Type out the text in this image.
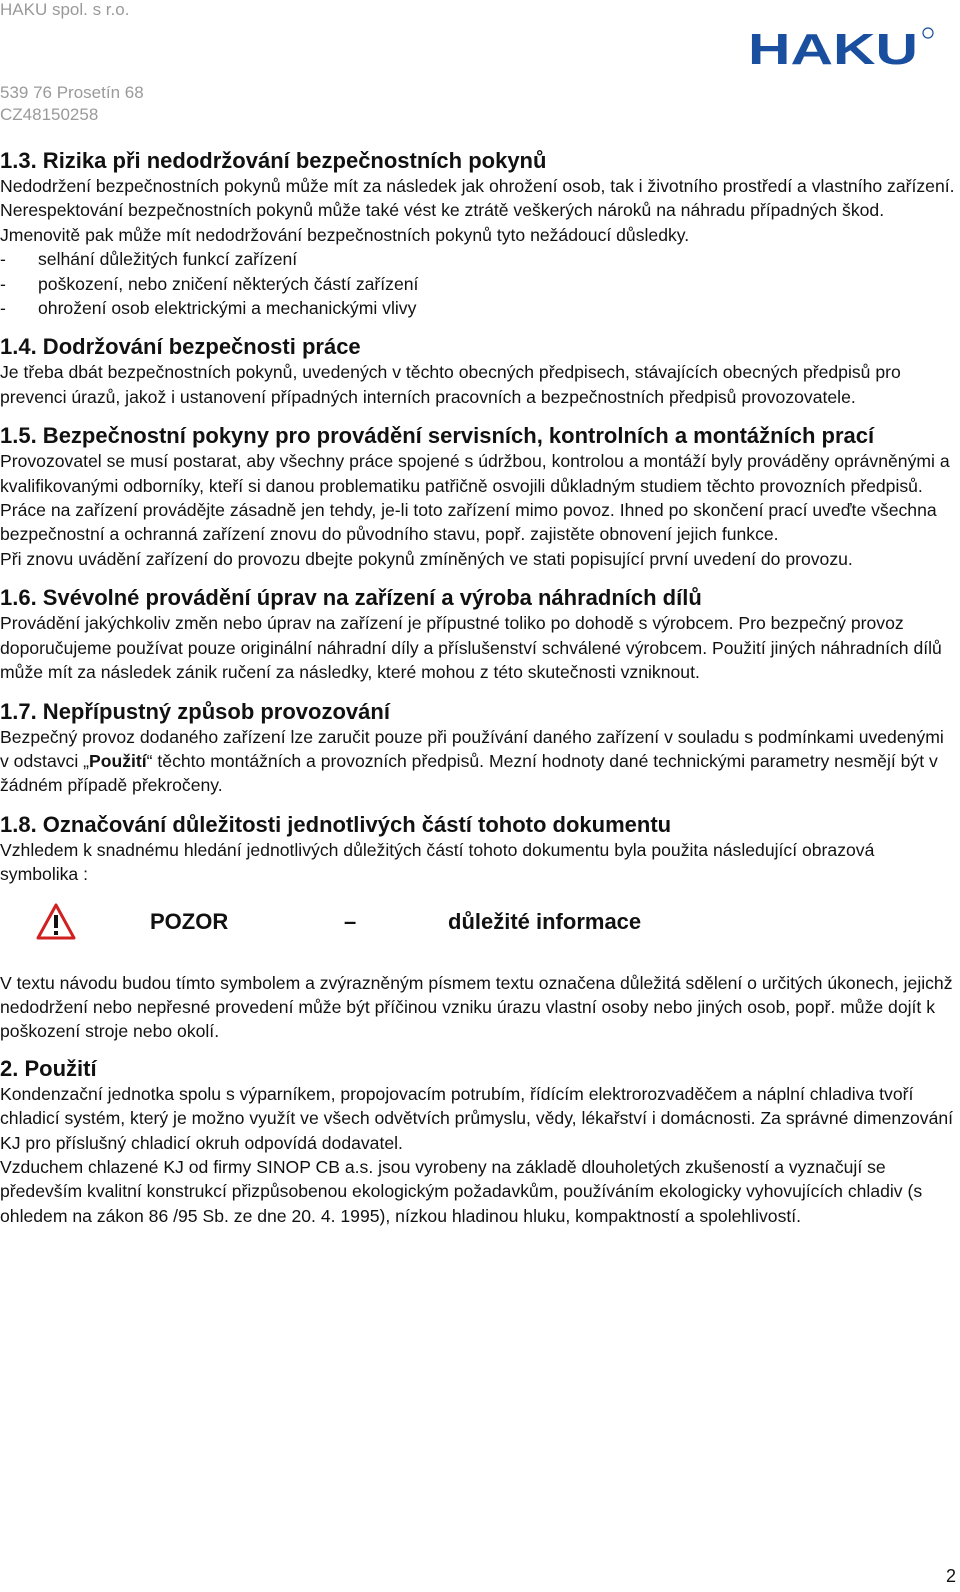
HAKU spol. s r.o.
539 76 Prosetín 68
CZ48150258
HAKU
1.3. Rizika při nedodržování bezpečnostních pokynů

Nedodržení bezpečnostních pokynů může mít za následek jak ohrožení osob, tak i životního prostředí a vlastního zařízení. Nerespektování bezpečnostních pokynů může také vést ke ztrátě veškerých nároků na náhradu případných škod.

Jmenovitě pak může mít nedodržování bezpečnostních pokynů tyto nežádoucí důsledky.

-	selhání důležitých funkcí zařízení
-	poškození, nebo zničení některých částí zařízení
-	ohrožení osob elektrickými a mechanickými vlivy
1.4. Dodržování bezpečnosti práce

Je třeba dbát bezpečnostních pokynů, uvedených v těchto obecných předpisech, stávajících obecných předpisů pro prevenci úrazů, jakož i ustanovení případných interních pracovních a bezpečnostních předpisů provozovatele.

1.5. Bezpečnostní pokyny pro provádění servisních, kontrolních a montážních prací

Provozovatel se musí postarat, aby všechny práce spojené s údržbou, kontrolou a montáží byly prováděny oprávněnými a kvalifikovanými odborníky, kteří si danou problematiku patřičně osvojili důkladným studiem těchto provozních předpisů.

Práce na zařízení provádějte zásadně jen tehdy, je-li toto zařízení mimo povoz. Ihned po skončení prací uveďte všechna bezpečnostní a ochranná zařízení znovu do původního stavu, popř. zajistěte obnovení jejich funkce.

Při znovu uvádění zařízení do provozu dbejte pokynů zmíněných ve stati popisující první uvedení do provozu.

1.6. Svévolné provádění úprav na zařízení a výroba náhradních dílů

Provádění jakýchkoliv změn nebo úprav na zařízení je přípustné toliko po dohodě s výrobcem. Pro bezpečný provoz doporučujeme používat pouze originální náhradní díly a příslušenství schválené výrobcem. Použití jiných náhradních dílů může mít za následek zánik ručení za následky, které mohou z této skutečnosti vzniknout.

1.7. Nepřípustný způsob provozování

Bezpečný provoz dodaného zařízení lze zaručit pouze při používání daného zařízení v souladu s podmínkami uvedenými v odstavci „Použití“ těchto montážních a provozních předpisů. Mezní hodnoty dané technickými parametry nesmějí být v žádném případě překročeny.

1.8. Označování důležitosti jednotlivých částí tohoto dokumentu

Vzhledem k snadnému hledání jednotlivých důležitých částí tohoto dokumentu byla použita následující obrazová symbolika :

POZOR	–	důležité informace

V textu návodu budou tímto symbolem a zvýrazněným písmem textu označena důležitá sdělení o určitých úkonech, jejichž nedodržení nebo nepřesné provedení může být příčinou vzniku úrazu vlastní osoby nebo jiných osob, popř. může dojít k poškození stroje nebo okolí.

2. Použití

Kondenzační jednotka spolu s výparníkem, propojovacím potrubím, řídícím elektrorozvaděčem a náplní chladiva tvoří chladicí systém, který je možno využít ve všech odvětvích průmyslu, vědy, lékařství i domácnosti. Za správné dimenzování KJ pro příslušný chladicí okruh odpovídá dodavatel.

Vzduchem chlazené KJ od firmy SINOP CB a.s. jsou vyrobeny na základě dlouholetých zkušeností a vyznačují se především kvalitní konstrukcí přizpůsobenou ekologickým požadavkům, používáním ekologicky vyhovujících chladiv (s ohledem na zákon 86 /95 Sb. ze dne 20. 4. 1995), nízkou hladinou hluku, kompaktností a spolehlivostí.

2
